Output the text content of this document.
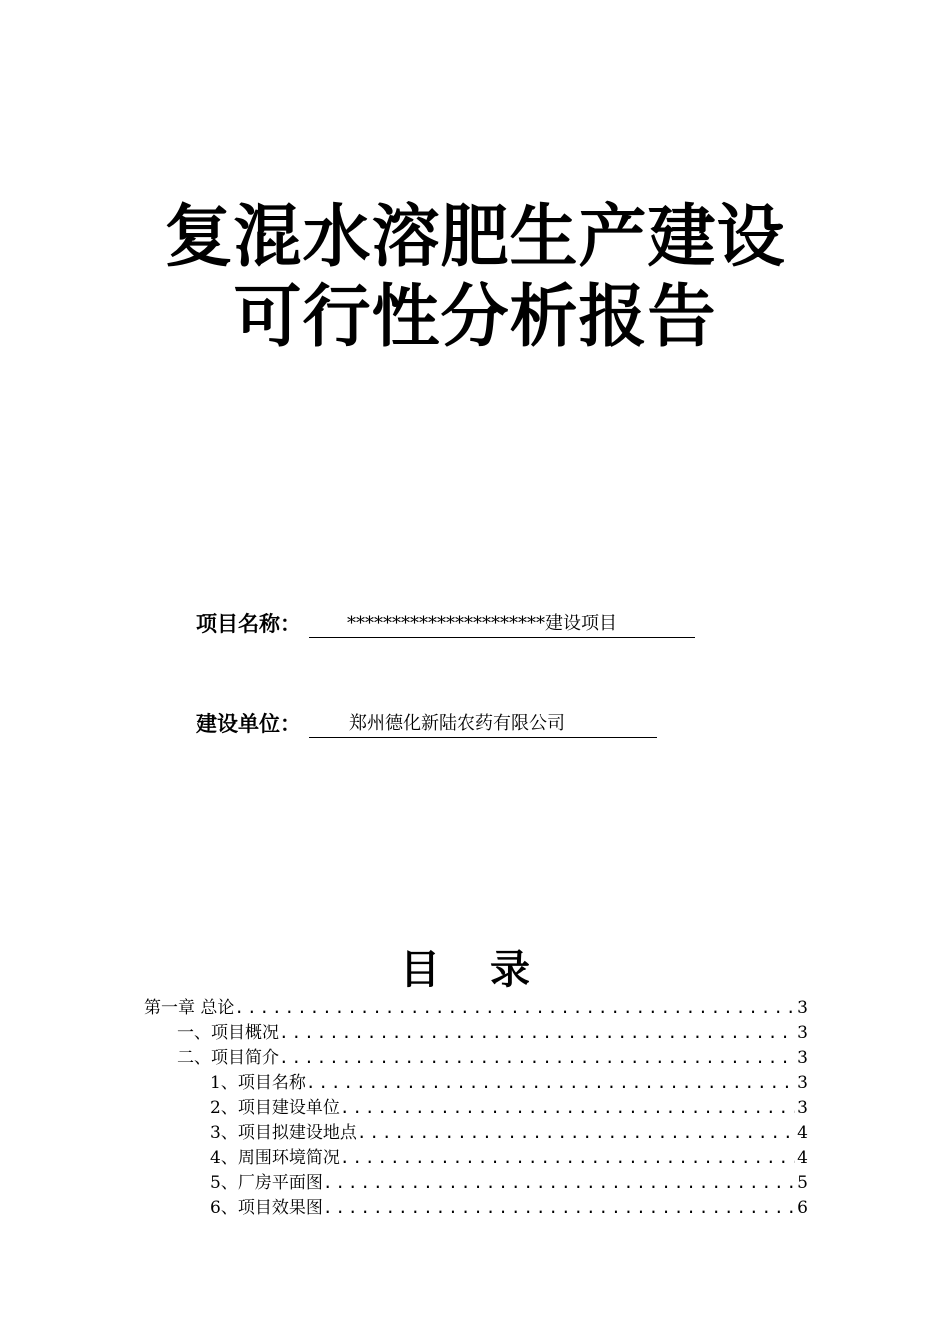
复混水溶肥生产建设
可行性分析报告
项目名称：	**********************建设项目
建设单位：	郑州德化新陆农药有限公司
目录
第一章 总论 .....	3
一、项目概况 .....	3
二、项目简介 .....	3
1、项目名称 .....	3
2、项目建设单位 .....	3
3、项目拟建设地点 .....	4
4、周围环境简况 .....	4
5、厂房平面图 .....	5
6、项目效果图 .....	6
